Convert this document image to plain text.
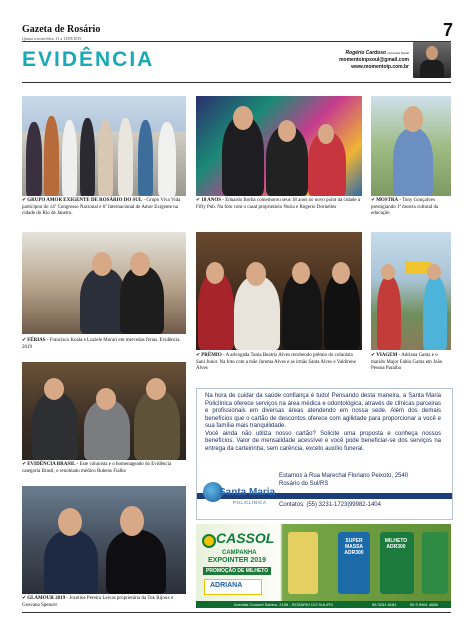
Gazeta de Rosário
Quarta a sexta-feira, 11 a 13/09/2019	7
EVIDÊNCIA	Rogério Cardoso Colunista Social
momentoinpsoul@gmail.com
www.momentoip.com.br
✔GRUPO AMOR EXIGENTE DE ROSÁRIO DO SUL - Grupo Viva Vida participou do 14º Congresso Nacional e 6º Internacional de Amor Exigente na cidade do Rio de Janeiro.
✔18 ANOS - Eduardo Borba comemorou seus 18 anos no novo point da cidade a Fifty Pub. Na foto com o casal proprietário Nuria e Rogerio Dornelles
✔MOSTRA - Tony Gonçalves prestigiando 1ª mostra cultural da educação
✔FÉRIAS - Francisco Koala e Luziele Murari em mercedas férias. Evidência 2019
✔PRÊMIO - A advogada Tania Beatriz Alves recebendo prêmio do colunista Saul Junor. Na foto com a mãe Jurema Alves e as irmãs Santa Alves e Valdirene Alves
✔VIAGEM - Adriana Gama e o marido Major Fabio Gama em João Pessoa Paraíba
✔EVIDÊNCIA BRASIL - Este colunista e o homenageado do Evidência categoria Brasil, o renomado médico Rubens Fialho
✔GLAMOUR 2019 - Joceline Pereira Leivas proprietária da Tok Bijoux e Geovana Spencer

Na hora de cuidar da saúde confiança é tudo! Pensando desta maneira, a Santa Maria Policlínica oferece serviços na área médica e odontológica, através de clínicas parceiras e profissionais em diversas áreas atendendo em nossa sede. Além dos demais benefícios que o cartão de descontos oferece com agilidade para proporcionar a você e sua família mais tranquilidade.

Você ainda não utiliza nosso cartão? Solicite uma proposta e conheça nossos benefícios. Valor de mensalidade acessível e você pode beneficiar-se dos serviços na entrega da carteirinha, sem carência, exceto auxílio funeral.

Estamos à Rua Marechal Floriano Peixoto, 2540
Rosário do Sul/RS
Contatos: (55) 3231-1723|99982-1404
Santa Maria
POLICLÍNICA
CASSOL
CAMPANHA
EXPOINTER 2019
PROMOÇÃO DE MILHETO
ADRIANA
SUPER MASSA ADR300
MILHETO ADR300
Avenida Coronel Sabino, 2155 - ROSÁRIO DO SUL/RS	55 3231 8181	55 9 9961 4686
